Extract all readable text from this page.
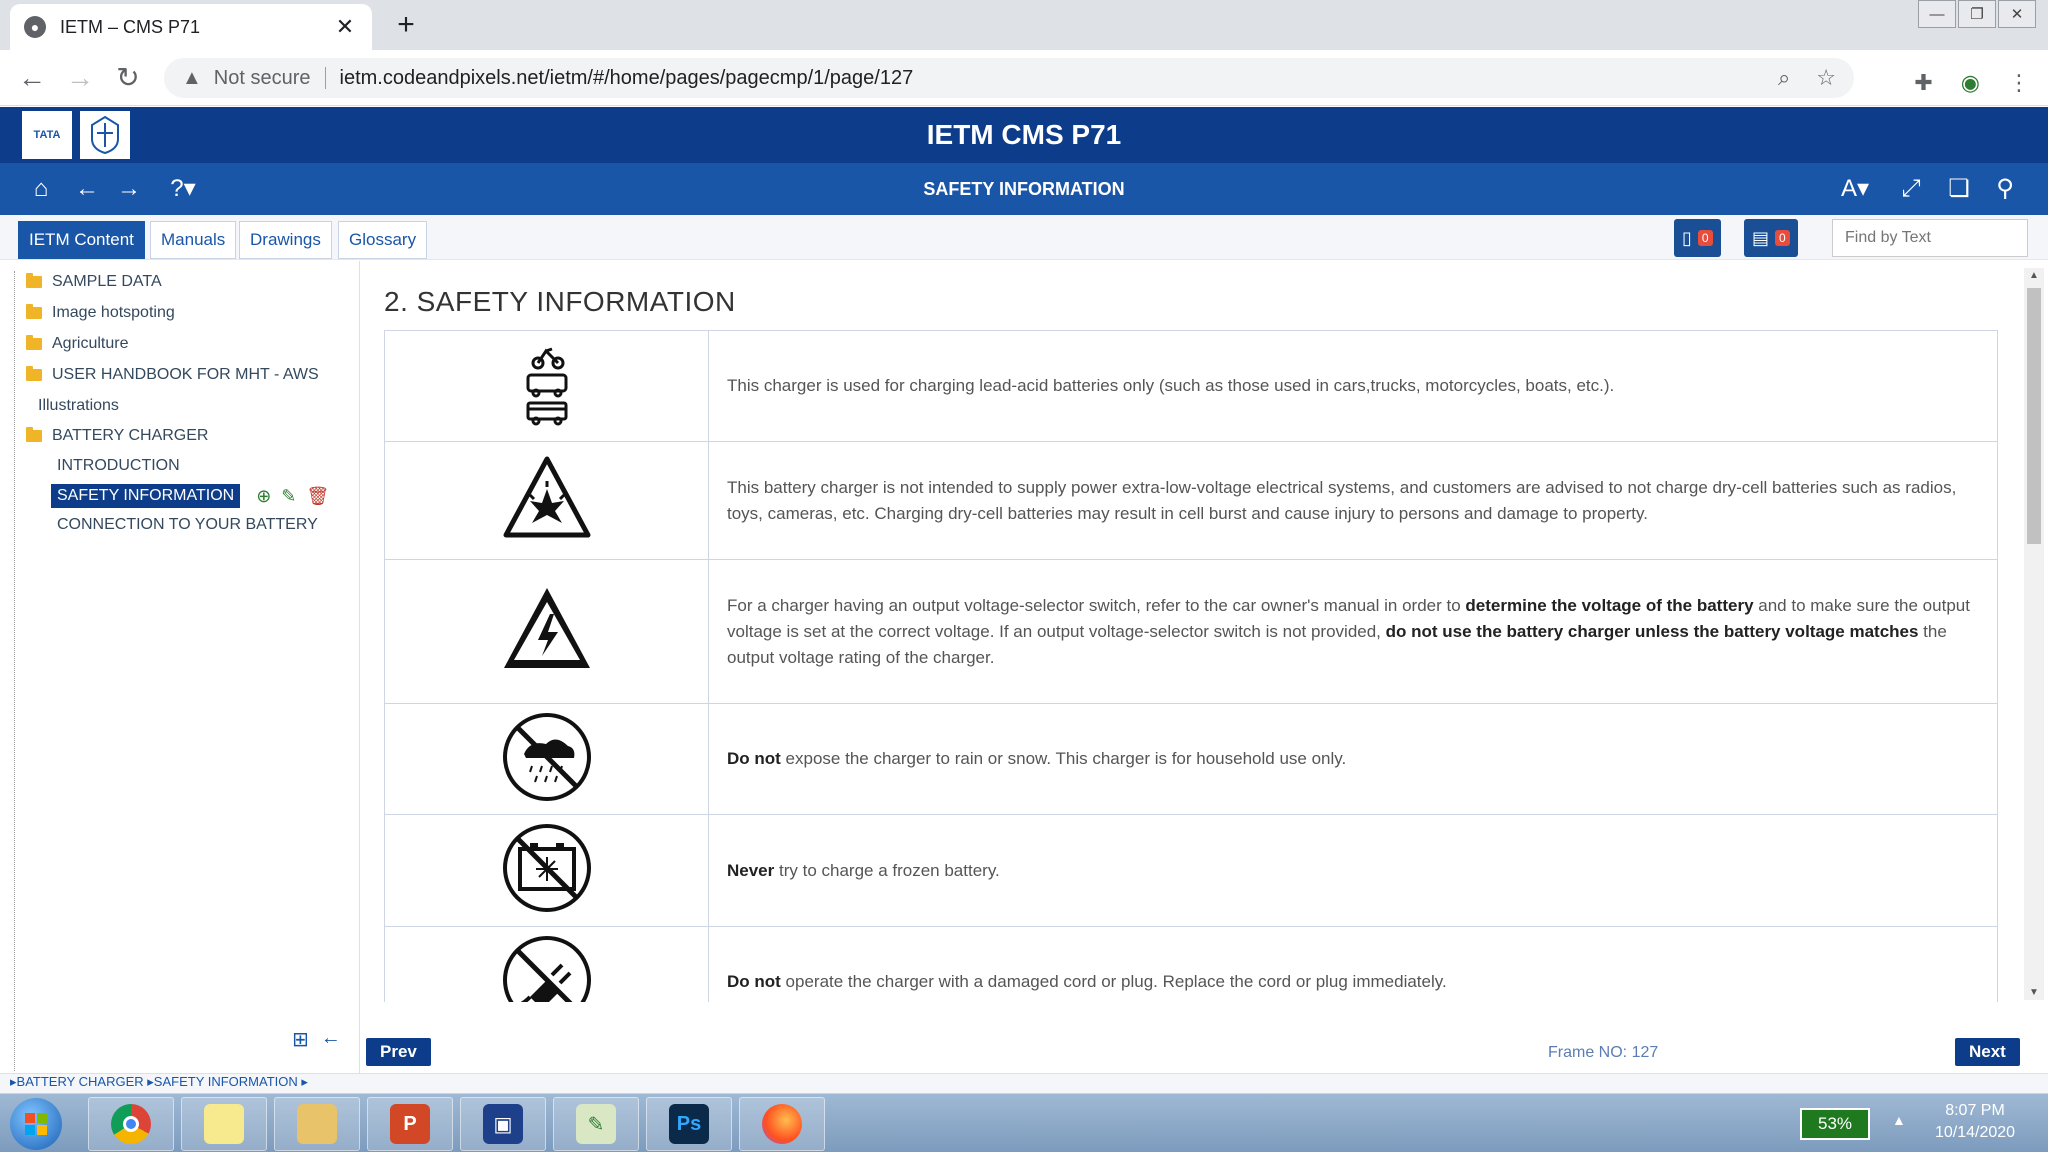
●	IETM – CMS P71	✕ +	—	❐	✕
← → ↻ ▲ Not secure ietm.codeandpixels.net/ietm/#/home/pages/pagecmp/1/page/127	⌕ ☆	✚ ◉ ⋮
TATA	IETM CMS P71
⌂	← →	?▾	SAFETY INFORMATION	A▾	⤢	❏	⚲
IETM Content	Manuals	Drawings	Glossary	▯ 0 ▤ 0
Find by Text
SAMPLE DATA
Image hotspoting
Agriculture
USER HANDBOOK FOR MHT - AWS
Illustrations
BATTERY CHARGER
INTRODUCTION
SAFETY INFORMATION	⊕ ✎ 🗑
CONNECTION TO YOUR BATTERY
⊞ ←
▸BATTERY CHARGER ▸SAFETY INFORMATION ▸
2. SAFETY INFORMATION
	This charger is used for charging lead-acid batteries only (such as those used in cars,trucks, motorcycles, boats, etc.).
	This battery charger is not intended to supply power extra-low-voltage electrical systems, and customers are advised to not charge dry-cell batteries such as radios, toys, cameras, etc. Charging dry-cell batteries may result in cell burst and cause injury to persons and damage to property.
	For a charger having an output voltage-selector switch, refer to the car owner's manual in order to determine the voltage of the battery and to make sure the output voltage is set at the correct voltage. If an output voltage-selector switch is not provided, do not use the battery charger unless the battery voltage matches the output voltage rating of the charger.
	Do not expose the charger to rain or snow. This charger is for household use only.
	Never try to charge a frozen battery.
	Do not operate the charger with a damaged cord or plug. Replace the cord or plug immediately.
▲
▼
Prev	Frame NO: 127	Next
P	▣	✎	Ps	53%	▲
8:07 PM
10/14/2020
